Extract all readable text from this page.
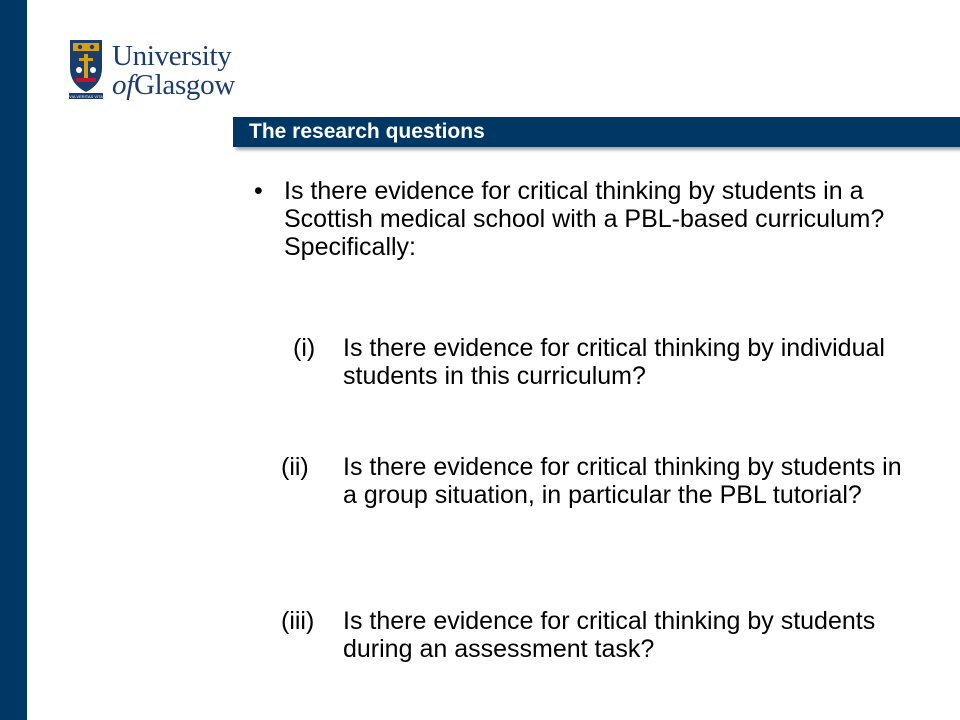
VIA VERITAS VITA
University
ofGlasgow
The research questions
• Is there evidence for critical thinking by students in a Scottish medical school with a PBL-based curriculum? Specifically:
(i)	Is there evidence for critical thinking by individual students in this curriculum?
(ii)	Is there evidence for critical thinking by students in a group situation, in particular the PBL tutorial?
(iii)	Is there evidence for critical thinking by students during an assessment task?
